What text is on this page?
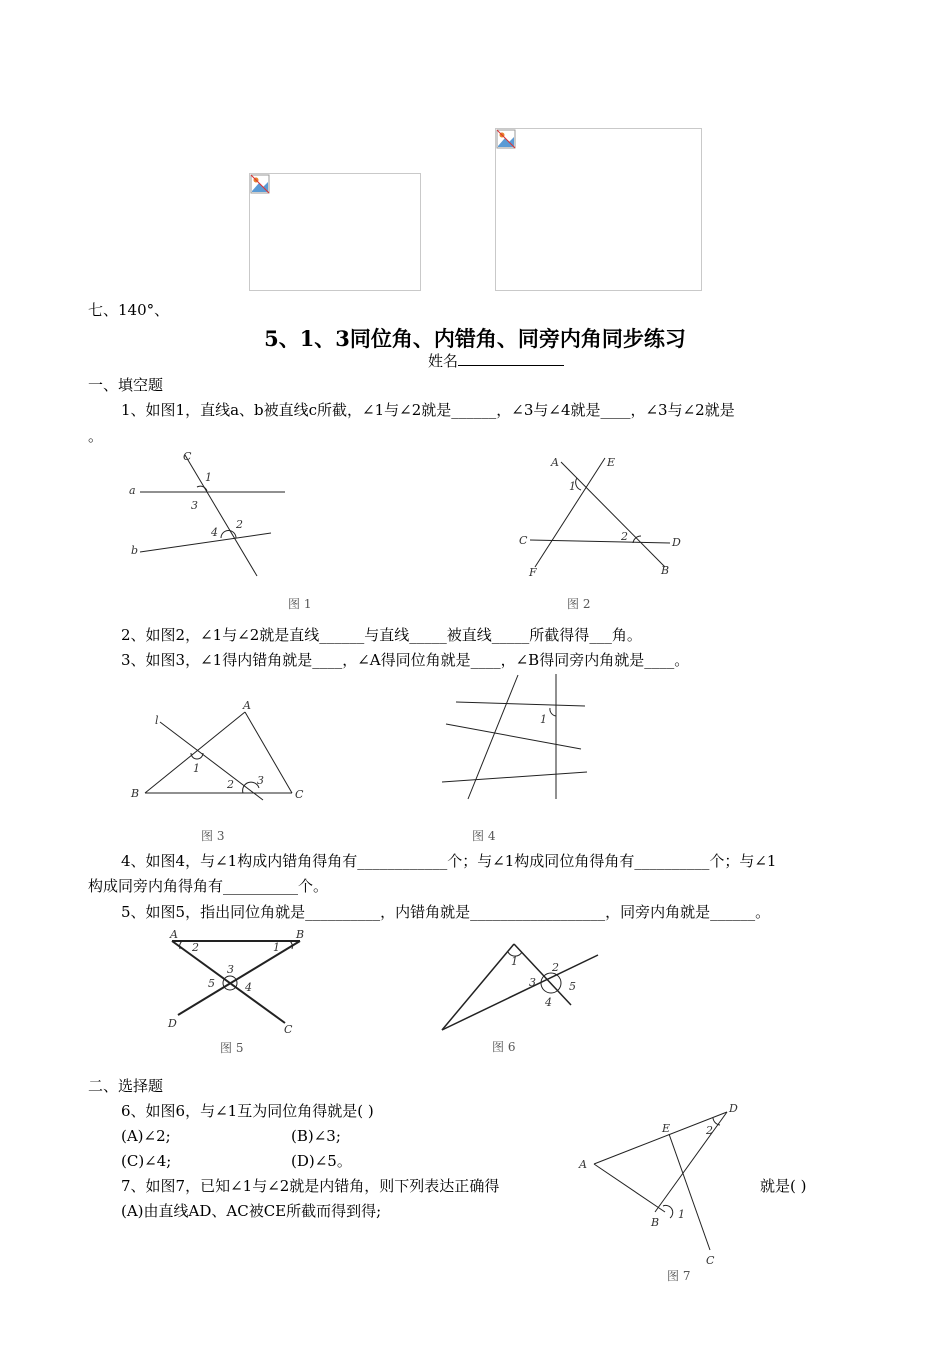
七、140°、
5、1、3同位角、内错角、同旁内角同步练习
姓名
一、填空题
1、如图1，直线a、b被直线c所截，∠1与∠2就是______，∠3与∠4就是____，∠3与∠2就是
。
C
a
b
1
3
4
2
图 1
A	E
1
C	2	D
F	B
图 2
2、如图2，∠1与∠2就是直线______与直线_____被直线_____所截得得___角。
3、如图3，∠1得内错角就是____，∠A得同位角就是____，∠B得同旁内角就是____。
l
A
1
2 3
B	C
图 3
1
图 4
4、如图4，与∠1构成内错角得角有____________个；与∠1构成同位角得角有__________个；与∠1
构成同旁内角得角有__________个。
5、如图5，指出同位角就是__________，内错角就是__________________，同旁内角就是______。
A	B
2	1
3
5	4
D	C
图 5
1	2
3	5
4
图 6
二、选择题
6、如图6，与∠1互为同位角得就是( )
(A)∠2;	(B)∠3;
(C)∠4;	(D)∠5。
7、如图7，已知∠1与∠2就是内错角，则下列表达正确得	就是( )
(A)由直线AD、AC被CE所截而得到得;
D
E	2
A
B
1
C
图 7
